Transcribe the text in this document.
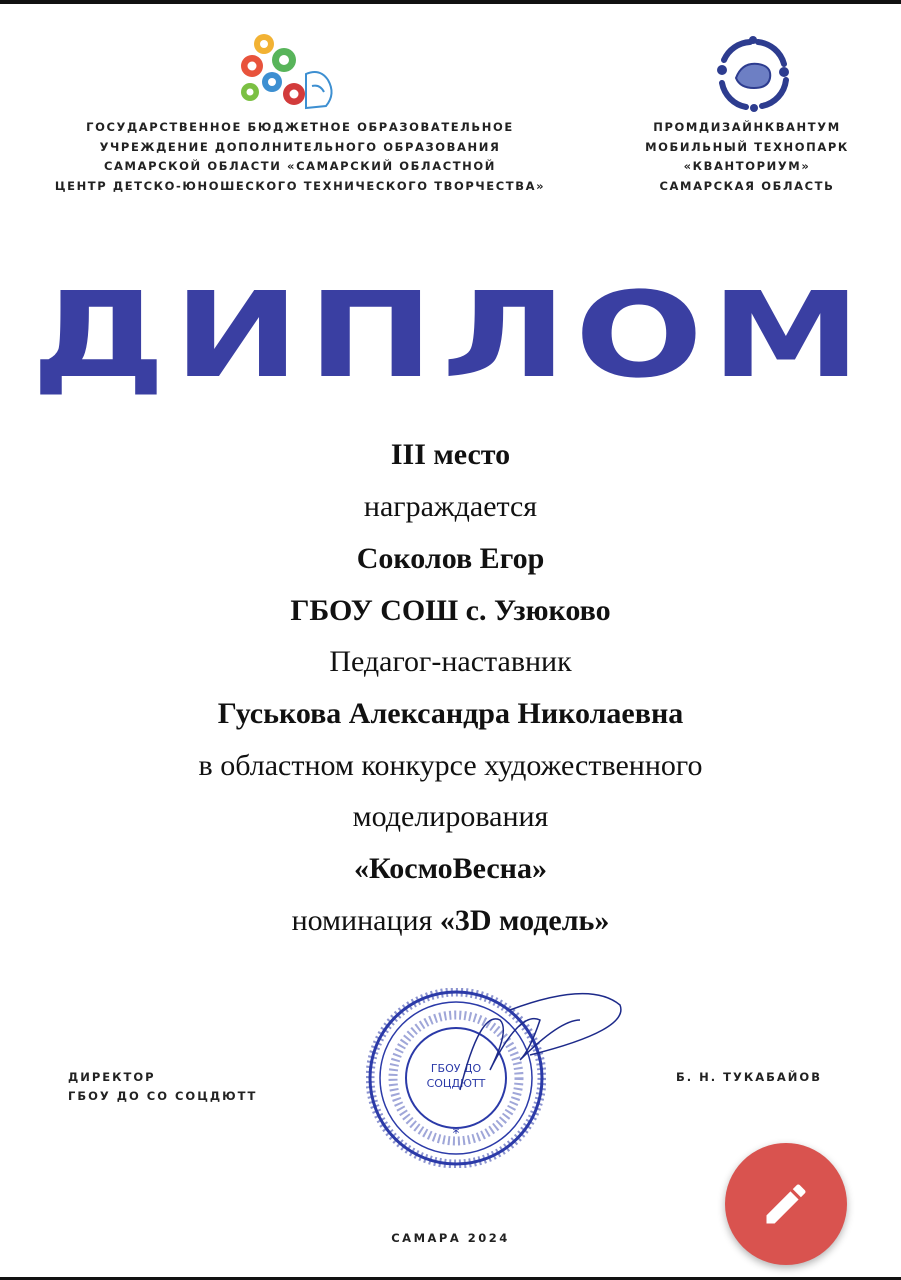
ГОСУДАРСТВЕННОЕ БЮДЖЕТНОЕ ОБРАЗОВАТЕЛЬНОЕ
УЧРЕЖДЕНИЕ ДОПОЛНИТЕЛЬНОГО ОБРАЗОВАНИЯ
САМАРСКОЙ ОБЛАСТИ «САМАРСКИЙ ОБЛАСТНОЙ
ЦЕНТР ДЕТСКО-ЮНОШЕСКОГО ТЕХНИЧЕСКОГО ТВОРЧЕСТВА»
ПРОМДИЗАЙНКВАНТУМ
МОБИЛЬНЫЙ ТЕХНОПАРК
«КВАНТОРИУМ»
САМАРСКАЯ ОБЛАСТЬ
ДИПЛОМ
III место
награждается
Соколов Егор
ГБОУ СОШ с. Узюково
Педагог-наставник
Гуськова Александра Николаевна
в областном конкурсе художественного
моделирования
«КосмоВесна»
номинация «3D модель»
ДИРЕКТОР
ГБОУ ДО СО СОЦДЮТТ
ГБОУ ДО
СОЦДЮТТ
*
Б. Н. ТУКАБАЙОВ
САМАРА 2024
